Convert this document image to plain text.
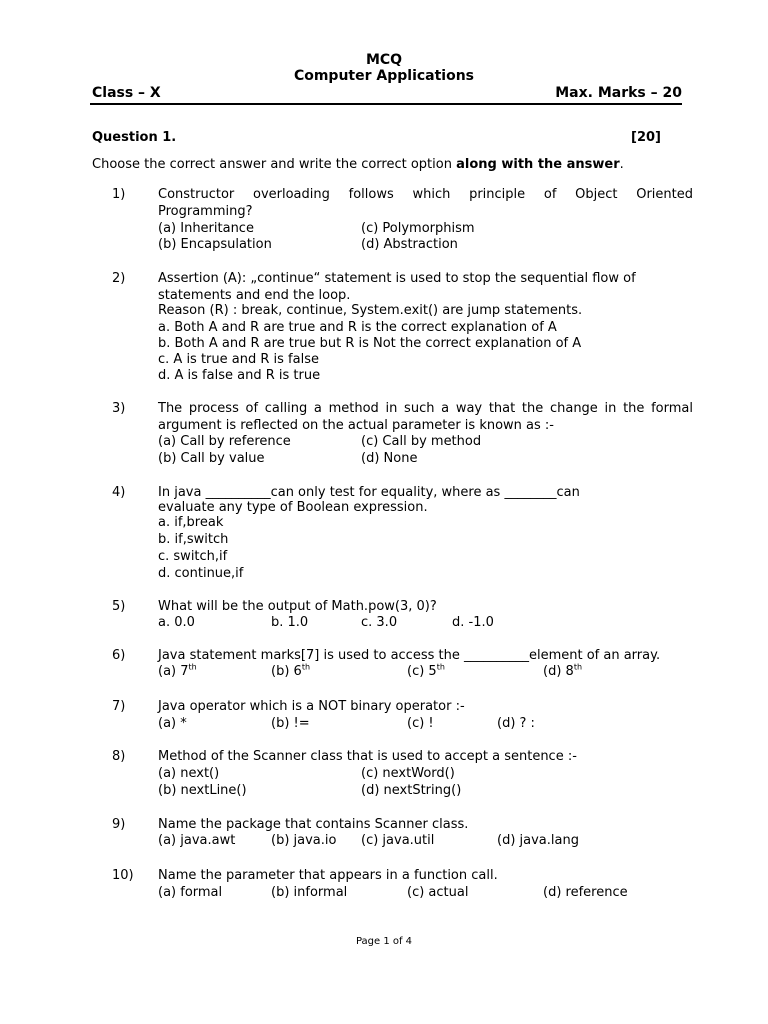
MCQ
Computer Applications
Class – X	Max. Marks – 20
Question 1.	[20]
Choose the correct answer and write the correct option along with the answer.
1)	Constructor overloading follows which principle of Object Oriented
Programming?
(a) Inheritance	(c) Polymorphism
(b) Encapsulation	(d) Abstraction
2)	Assertion (A): „continue“ statement is used to stop the sequential flow of
statements and end the loop.
Reason (R) : break, continue, System.exit() are jump statements.
a. Both A and R are true and R is the correct explanation of A
b. Both A and R are true but R is Not the correct explanation of A
c. A is true and R is false
d. A is false and R is true
3)	The process of calling a method in such a way that the change in the formal
argument is reflected on the actual parameter is known as :-
(a) Call by reference	(c) Call by method
(b) Call by value	(d) None
4)	In java __________can only test for equality, where as ________can
evaluate any type of Boolean expression.
a. if,break
b. if,switch
c. switch,if
d. continue,if
5)	What will be the output of Math.pow(3, 0)?
a. 0.0	b. 1.0	c. 3.0	d. -1.0
6)	Java statement marks[7] is used to access the __________element of an array.
(a) 7th	(b) 6th	(c) 5th	(d) 8th
7)	Java operator which is a NOT binary operator :-
(a) *	(b) !=	(c) !	(d) ? :
8)	Method of the Scanner class that is used to accept a sentence :-
(a) next()	(c) nextWord()
(b) nextLine()	(d) nextString()
9)	Name the package that contains Scanner class.
(a) java.awt	(b) java.io (c) java.util	(d) java.lang
10) Name the parameter that appears in a function call.
(a) formal	(b) informal	(c) actual	(d) reference
Page 1 of 4
